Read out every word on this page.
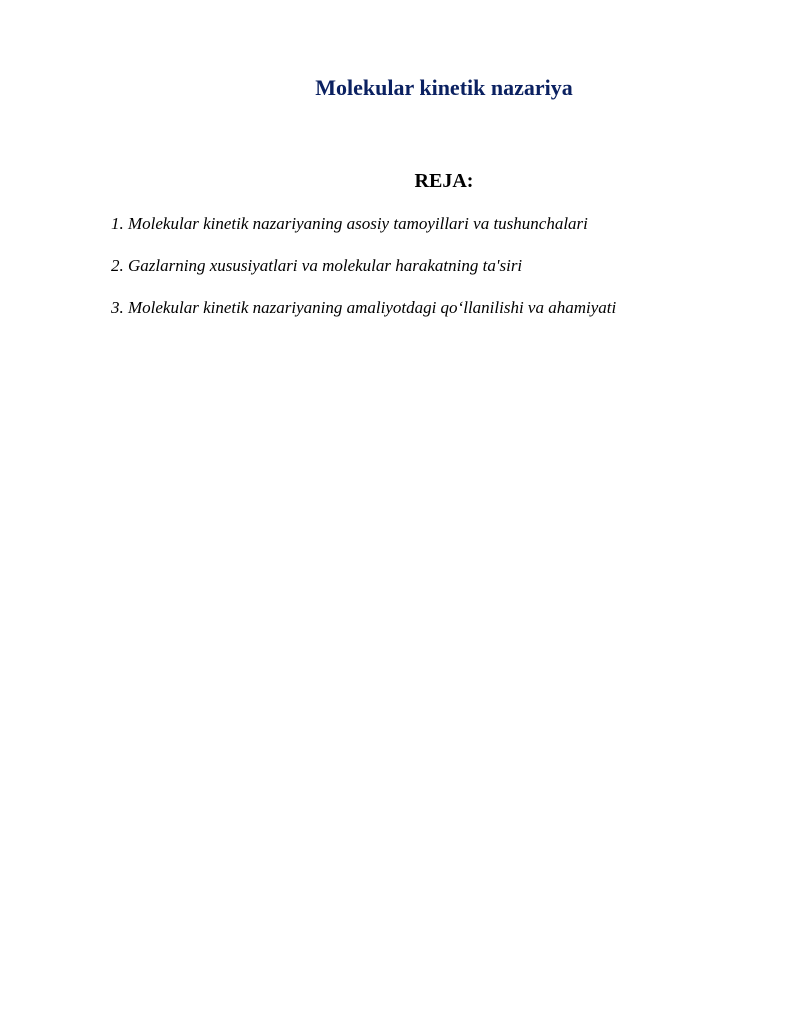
Molekular kinetik nazariya
REJA:
1. Molekular kinetik nazariyaning asosiy tamoyillari va tushunchalari
2. Gazlarning xususiyatlari va molekular harakatning ta'siri
3. Molekular kinetik nazariyaning amaliyotdagi qo‘llanilishi va ahamiyati
